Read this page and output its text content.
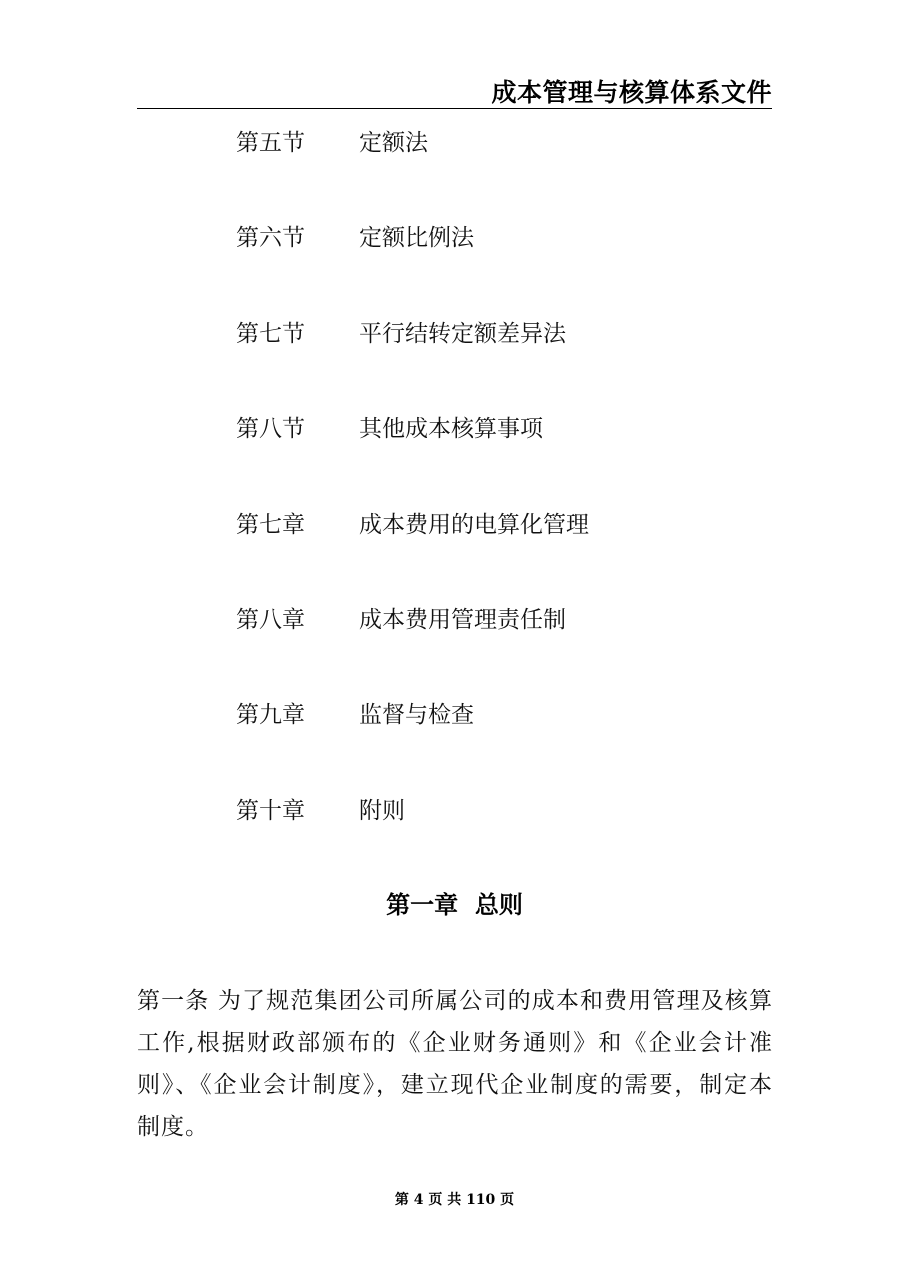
成本管理与核算体系文件
第五节 定额法
第六节 定额比例法
第七节 平行结转定额差异法
第八节 其他成本核算事项
第七章 成本费用的电算化管理
第八章 成本费用管理责任制
第九章 监督与检查
第十章 附则
第一章  总则

第一条 为了规范集团公司所属公司的成本和费用管理及核算工作,根据财政部颁布的《企业财务通则》和《企业会计准则》、《企业会计制度》，建立现代企业制度的需要，制定本制度。

第 4 页 共 110 页
